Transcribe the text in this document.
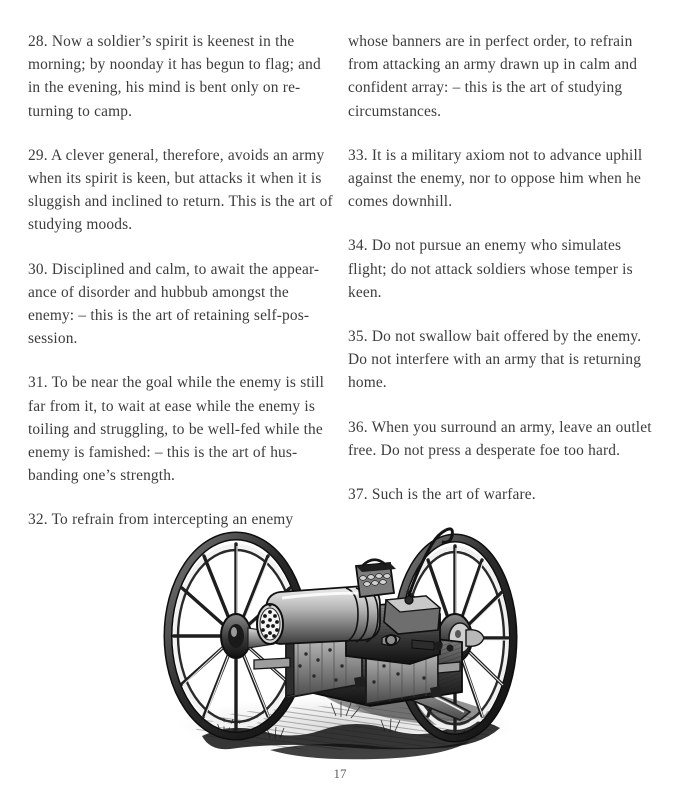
28. Now a soldier’s spirit is keenest in the morning; by noonday it has begun to flag; and in the evening, his mind is bent only on re-turning to camp.

29. A clever general, therefore, avoids an army when its spirit is keen, but attacks it when it is sluggish and inclined to return. This is the art of studying moods.

30. Disciplined and calm, to await the appear-ance of disorder and hubbub amongst the enemy: – this is the art of retaining self-pos-session.

31. To be near the goal while the enemy is still far from it, to wait at ease while the enemy is toiling and struggling, to be well-fed while the enemy is famished: – this is the art of hus-banding one’s strength.

32. To refrain from intercepting an enemy

whose banners are in perfect order, to refrain from attacking an army drawn up in calm and confident array: – this is the art of studying circumstances.

33. It is a military axiom not to advance uphill against the enemy, nor to oppose him when he comes downhill.

34. Do not pursue an enemy who simulates flight; do not attack soldiers whose temper is keen.

35. Do not swallow bait offered by the enemy. Do not interfere with an army that is returning home.

36. When you surround an army, leave an outlet free. Do not press a desperate foe too hard.

37. Such is the art of warfare.

17
